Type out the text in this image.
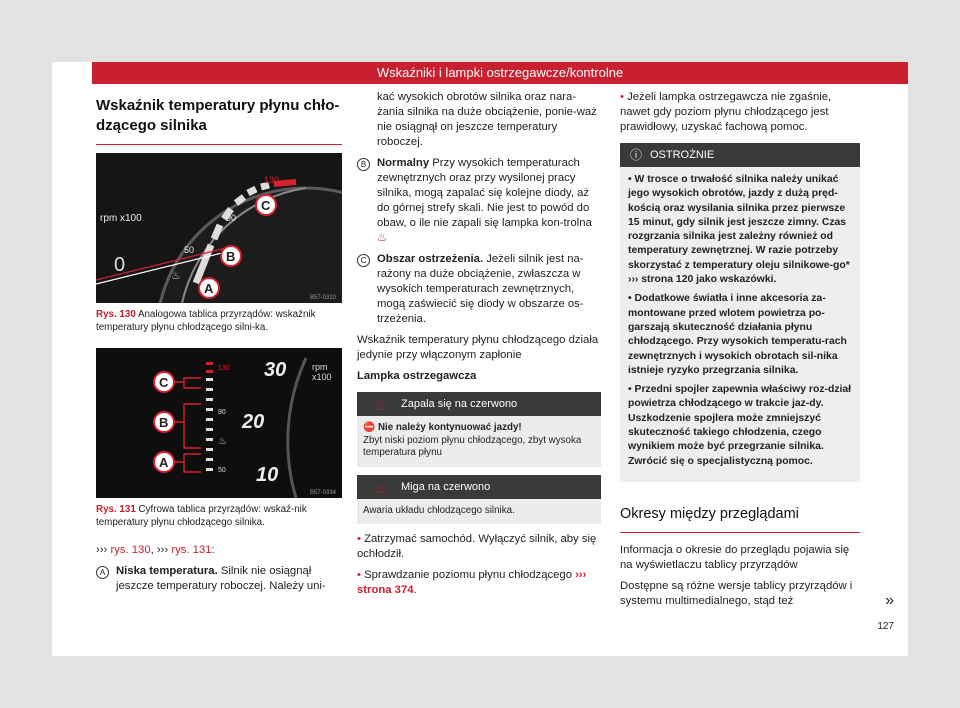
Wskaźniki i lampki ostrzegawcze/kontrolne
Wskaźnik temperatury płynu chło-dzącego silnika
rpm x100
0
130
90
50
♨
C
B
A
B57-0310
Rys. 130 Analogowa tablica przyrządów: wskaźnik temperatury płynu chłodzącego silni-ka.
rpm
x100
30
20
10
130
90
50
♨
C
B
A
B57-0334
Rys. 131 Cyfrowa tablica przyrządów: wskaź-nik temperatury płynu chłodzącego silnika.

››› rys. 130, ››› rys. 131:

A Niska temperatura. Silnik nie osiągnął jeszcze temperatury roboczej. Należy uni-
kać wysokich obrotów silnika oraz nara-żania silnika na duże obciążenie, ponie-waż nie osiągnął on jeszcze temperatury roboczej.
B Normalny Przy wysokich temperaturach zewnętrznych oraz przy wysilonej pracy silnika, mogą zapalać się kolejne diody, aż do górnej strefy skali. Nie jest to powód do obaw, o ile nie zapali się lampka kon-trolna ♨
C Obszar ostrzeżenia. Jeżeli silnik jest na-rażony na duże obciążenie, zwłaszcza w wysokich temperaturach zewnętrznych, mogą zaświecić się diody w obszarze os-trzeżenia.

Wskaźnik temperatury płynu chłodzącego działa jedynie przy włączonym zapłonie

Lampka ostrzegawcza

♨ Zapala się na czerwono
⛔ Nie należy kontynuować jazdy!
Zbyt niski poziom płynu chłodzącego, zbyt wysoka temperatura płynu
♨ Miga na czerwono
Awaria układu chłodzącego silnika.

• Zatrzymać samochód. Wyłączyć silnik, aby się ochłodził.

• Sprawdzanie poziomu płynu chłodzącego ››› strona 374.

• Jeżeli lampka ostrzegawcza nie zgaśnie, nawet gdy poziom płynu chłodzącego jest prawidłowy, uzyskać fachową pomoc.

ⓘ OSTROŻNIE

• W trosce o trwałość silnika należy unikać jego wysokich obrotów, jazdy z dużą pręd-kością oraz wysilania silnika przez pierwsze 15 minut, gdy silnik jest jeszcze zimny. Czas rozgrzania silnika jest zależny również od temperatury zewnętrznej. W razie potrzeby skorzystać z temperatury oleju silnikowe-go* ››› strona 120 jako wskazówki.

• Dodatkowe światła i inne akcesoria za-montowane przed wlotem powietrza po-garszają skuteczność działania płynu chłodzącego. Przy wysokich temperatu-rach zewnętrznych i wysokich obrotach sil-nika istnieje ryzyko przegrzania silnika.

• Przedni spojler zapewnia właściwy roz-dział powietrza chłodzącego w trakcie jaz-dy. Uszkodzenie spojlera może zmniejszyć skuteczność takiego chłodzenia, czego wynikiem może być przegrzanie silnika. Zwrócić się o specjalistyczną pomoc.

Okresy między przeglądami

Informacja o okresie do przeglądu pojawia się na wyświetlaczu tablicy przyrządów

Dostępne są różne wersje tablicy przyrządów i systemu multimedialnego, stąd też	»
127
